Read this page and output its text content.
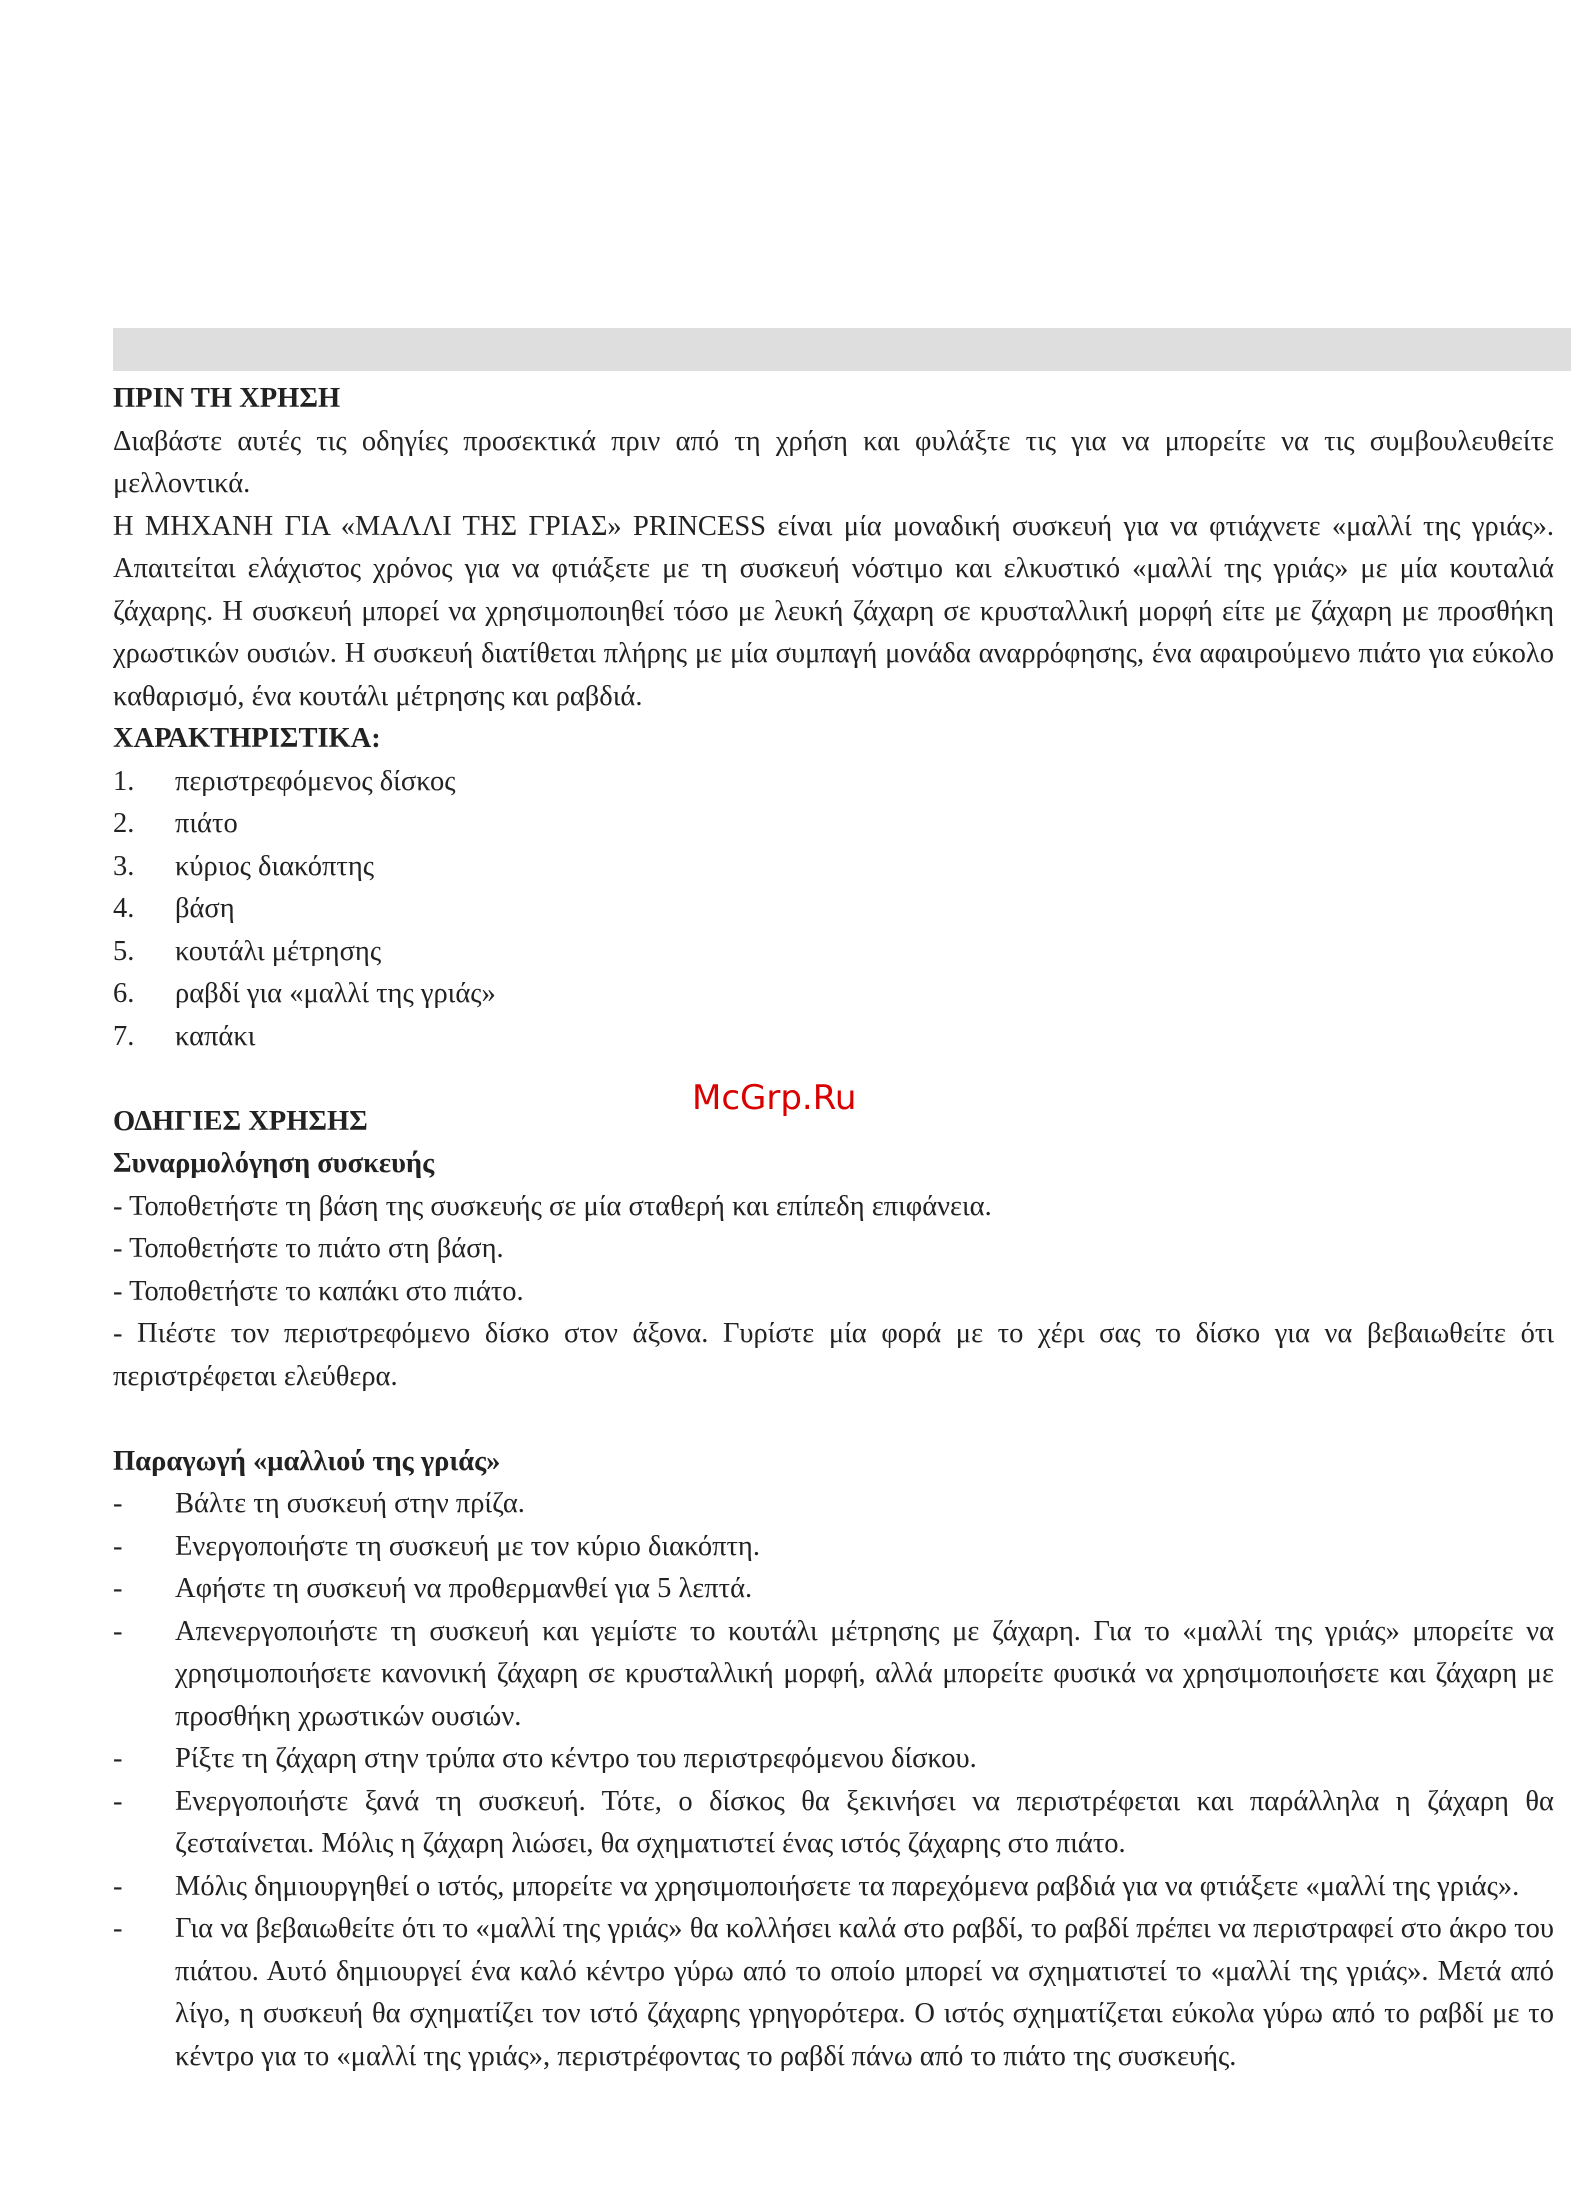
ΠΡΙΝ ΤΗ ΧΡΗΣΗ

Διαβάστε αυτές τις οδηγίες προσεκτικά πριν από τη χρήση και φυλάξτε τις για να μπορείτε να τις συμβουλευθείτε μελλοντικά.

Η ΜΗΧΑΝΗ ΓΙΑ «ΜΑΛΛΙ ΤΗΣ ΓΡΙΑΣ» PRINCESS είναι μία μοναδική συσκευή για να φτιάχνετε «μαλλί της γριάς». Απαιτείται ελάχιστος χρόνος για να φτιάξετε με τη συσκευή νόστιμο και ελκυστικό «μαλλί της γριάς» με μία κουταλιά ζάχαρης. Η συσκευή μπορεί να χρησιμοποιηθεί τόσο με λευκή ζάχαρη σε κρυσταλλική μορφή είτε με ζάχαρη με προσθήκη χρωστικών ουσιών. Η συσκευή διατίθεται πλήρης με μία συμπαγή μονάδα αναρρόφησης, ένα αφαιρούμενο πιάτο για εύκολο καθαρισμό, ένα κουτάλι μέτρησης και ραβδιά.

ΧΑΡΑΚΤΗΡΙΣΤΙΚΑ:

1.	περιστρεφόμενος δίσκος
2.	πιάτο
3.	κύριος διακόπτης
4.	βάση
5.	κουτάλι μέτρησης
6.	ραβδί για «μαλλί της γριάς»
7.	καπάκι

ΟΔΗΓΙΕΣ ΧΡΗΣΗΣ

Συναρμολόγηση συσκευής

- Τοποθετήστε τη βάση της συσκευής σε μία σταθερή και επίπεδη επιφάνεια.

- Τοποθετήστε το πιάτο στη βάση.

- Τοποθετήστε το καπάκι στο πιάτο.

- Πιέστε τον περιστρεφόμενο δίσκο στον άξονα. Γυρίστε μία φορά με το χέρι σας το δίσκο για να βεβαιωθείτε ότι περιστρέφεται ελεύθερα.

Παραγωγή «μαλλιού της γριάς»

-	Βάλτε τη συσκευή στην πρίζα.
-	Ενεργοποιήστε τη συσκευή με τον κύριο διακόπτη.
-	Αφήστε τη συσκευή να προθερμανθεί για 5 λεπτά.
-	Απενεργοποιήστε τη συσκευή και γεμίστε το κουτάλι μέτρησης με ζάχαρη. Για το «μαλλί της γριάς» μπορείτε να χρησιμοποιήσετε κανονική ζάχαρη σε κρυσταλλική μορφή, αλλά μπορείτε φυσικά να χρησιμοποιήσετε και ζάχαρη με προσθήκη χρωστικών ουσιών.
-	Ρίξτε τη ζάχαρη στην τρύπα στο κέντρο του περιστρεφόμενου δίσκου.
-	Ενεργοποιήστε ξανά τη συσκευή. Τότε, ο δίσκος θα ξεκινήσει να περιστρέφεται και παράλληλα η ζάχαρη θα ζεσταίνεται. Μόλις η ζάχαρη λιώσει, θα σχηματιστεί ένας ιστός ζάχαρης στο πιάτο.
-	Μόλις δημιουργηθεί ο ιστός, μπορείτε να χρησιμοποιήσετε τα παρεχόμενα ραβδιά για να φτιάξετε «μαλλί της γριάς».
-	Για να βεβαιωθείτε ότι το «μαλλί της γριάς» θα κολλήσει καλά στο ραβδί, το ραβδί πρέπει να περιστραφεί στο άκρο του πιάτου. Αυτό δημιουργεί ένα καλό κέντρο γύρω από το οποίο μπορεί να σχηματιστεί το «μαλλί της γριάς». Μετά από λίγο, η συσκευή θα σχηματίζει τον ιστό ζάχαρης γρηγορότερα. Ο ιστός σχηματίζεται εύκολα γύρω από το ραβδί με το κέντρο για το «μαλλί της γριάς», περιστρέφοντας το ραβδί πάνω από το πιάτο της συσκευής.
McGrp.Ru
